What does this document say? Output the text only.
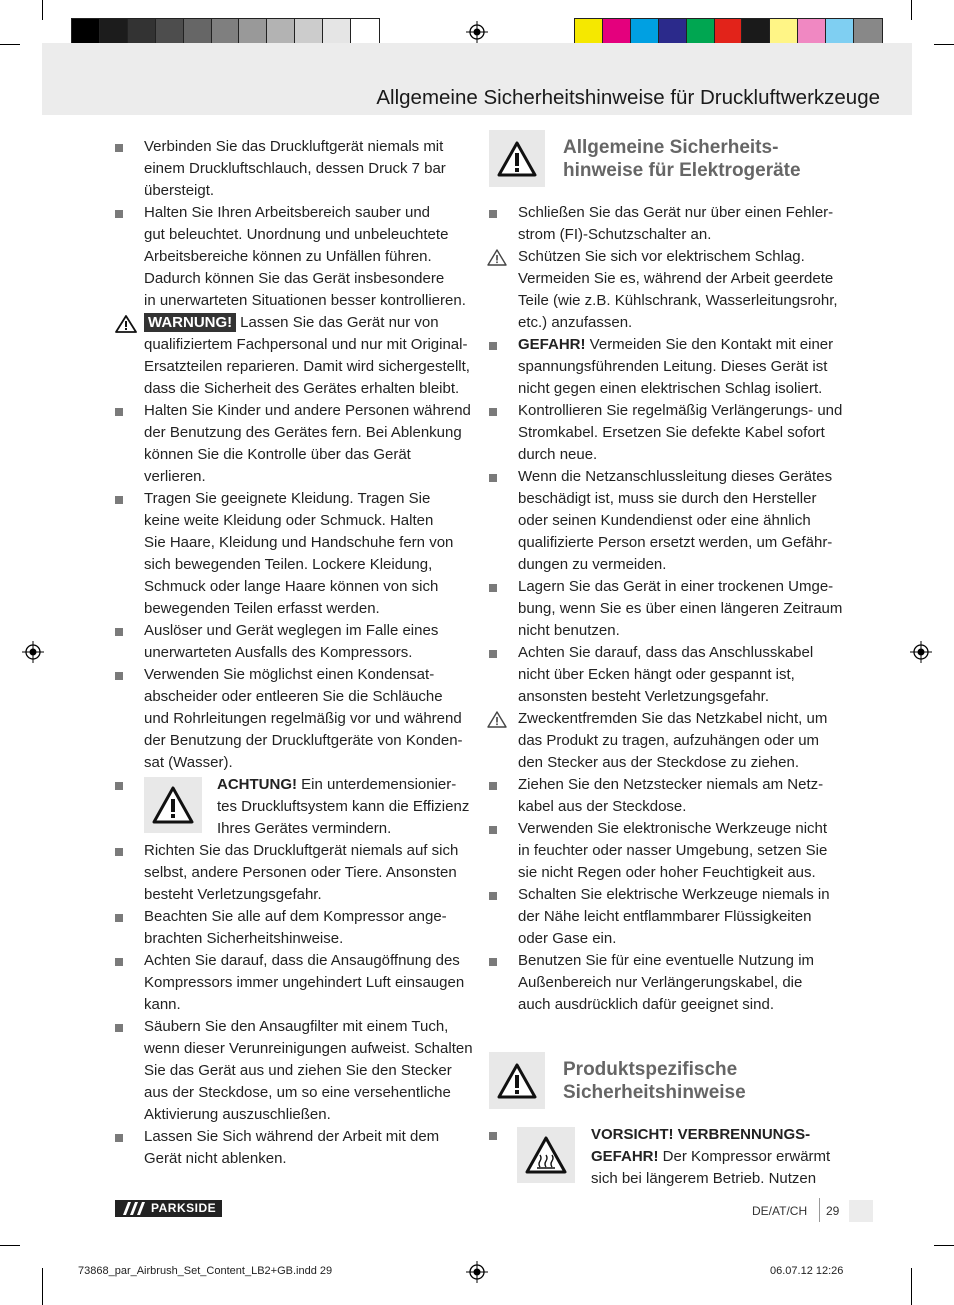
Allgemeine Sicherheitshinweise für Druckluftwerkzeuge
Verbinden Sie das Druckluftgerät niemals mit
einem Druckluftschlauch, dessen Druck 7 bar
übersteigt.
Halten Sie Ihren Arbeitsbereich sauber und
gut beleuchtet. Unordnung und unbeleuchtete
Arbeitsbereiche können zu Unfällen führen.
Dadurch können Sie das Gerät insbesondere
in unerwarteten Situationen besser kontrollieren.
WARNUNG! Lassen Sie das Gerät nur von
qualifiziertem Fachpersonal und nur mit Original-
Ersatzteilen reparieren. Damit wird sichergestellt,
dass die Sicherheit des Gerätes erhalten bleibt.
Halten Sie Kinder und andere Personen während
der Benutzung des Gerätes fern. Bei Ablenkung
können Sie die Kontrolle über das Gerät verlieren.
Tragen Sie geeignete Kleidung. Tragen Sie
keine weite Kleidung oder Schmuck. Halten
Sie Haare, Kleidung und Handschuhe fern von
sich bewegenden Teilen. Lockere Kleidung,
Schmuck oder lange Haare können von sich
bewegenden Teilen erfasst werden.
Auslöser und Gerät weglegen im Falle eines
unerwarteten Ausfalls des Kompressors.
Verwenden Sie möglichst einen Kondensat-
abscheider oder entleeren Sie die Schläuche
und Rohrleitungen regelmäßig vor und während
der Benutzung der Druckluftgeräte von Konden-
sat (Wasser).
ACHTUNG! Ein unterdemensionier-
tes Druckluftsystem kann die Effizienz
Ihres Gerätes vermindern.
Richten Sie das Druckluftgerät niemals auf sich
selbst, andere Personen oder Tiere. Ansonsten
besteht Verletzungsgefahr.
Beachten Sie alle auf dem Kompressor ange-
brachten Sicherheitshinweise.
Achten Sie darauf, dass die Ansaugöffnung des
Kompressors immer ungehindert Luft einsaugen
kann.
Säubern Sie den Ansaugfilter mit einem Tuch,
wenn dieser Verunreinigungen aufweist. Schalten
Sie das Gerät aus und ziehen Sie den Stecker
aus der Steckdose, um so eine versehentliche
Aktivierung auszuschließen.
Lassen Sie Sich während der Arbeit mit dem
Gerät nicht ablenken.
Allgemeine Sicherheits-
hinweise für Elektrogeräte
Schließen Sie das Gerät nur über einen Fehler-
strom (FI)-Schutzschalter an.
Schützen Sie sich vor elektrischem Schlag.
Vermeiden Sie es, während der Arbeit geerdete
Teile (wie z.B. Kühlschrank, Wasserleitungsrohr,
etc.) anzufassen.
GEFAHR! Vermeiden Sie den Kontakt mit einer
spannungsführenden Leitung. Dieses Gerät ist
nicht gegen einen elektrischen Schlag isoliert.
Kontrollieren Sie regelmäßig Verlängerungs- und
Stromkabel. Ersetzen Sie defekte Kabel sofort
durch neue.
Wenn die Netzanschlussleitung dieses Gerätes
beschädigt ist, muss sie durch den Hersteller
oder seinen Kundendienst oder eine ähnlich
qualifizierte Person ersetzt werden, um Gefähr-
dungen zu vermeiden.
Lagern Sie das Gerät in einer trockenen Umge-
bung, wenn Sie es über einen längeren Zeitraum
nicht benutzen.
Achten Sie darauf, dass das Anschlusskabel
nicht über Ecken hängt oder gespannt ist,
ansonsten besteht Verletzungsgefahr.
Zweckentfremden Sie das Netzkabel nicht, um
das Produkt zu tragen, aufzuhängen oder um
den Stecker aus der Steckdose zu ziehen.
Ziehen Sie den Netzstecker niemals am Netz-
kabel aus der Steckdose.
Verwenden Sie elektronische Werkzeuge nicht
in feuchter oder nasser Umgebung, setzen Sie
sie nicht Regen oder hoher Feuchtigkeit aus.
Schalten Sie elektrische Werkzeuge niemals in
der Nähe leicht entflammbarer Flüssigkeiten
oder Gase ein.
Benutzen Sie für eine eventuelle Nutzung im
Außenbereich nur Verlängerungskabel, die
auch ausdrücklich dafür geeignet sind.
Produktspezifische
Sicherheitshinweise
VORSICHT! VERBRENNUNGS-
GEFAHR! Der Kompressor erwärmt
sich bei längerem Betrieb. Nutzen
PARKSIDE	DE/AT/CH 29
73868_par_Airbrush_Set_Content_LB2+GB.indd 29	06.07.12 12:26
